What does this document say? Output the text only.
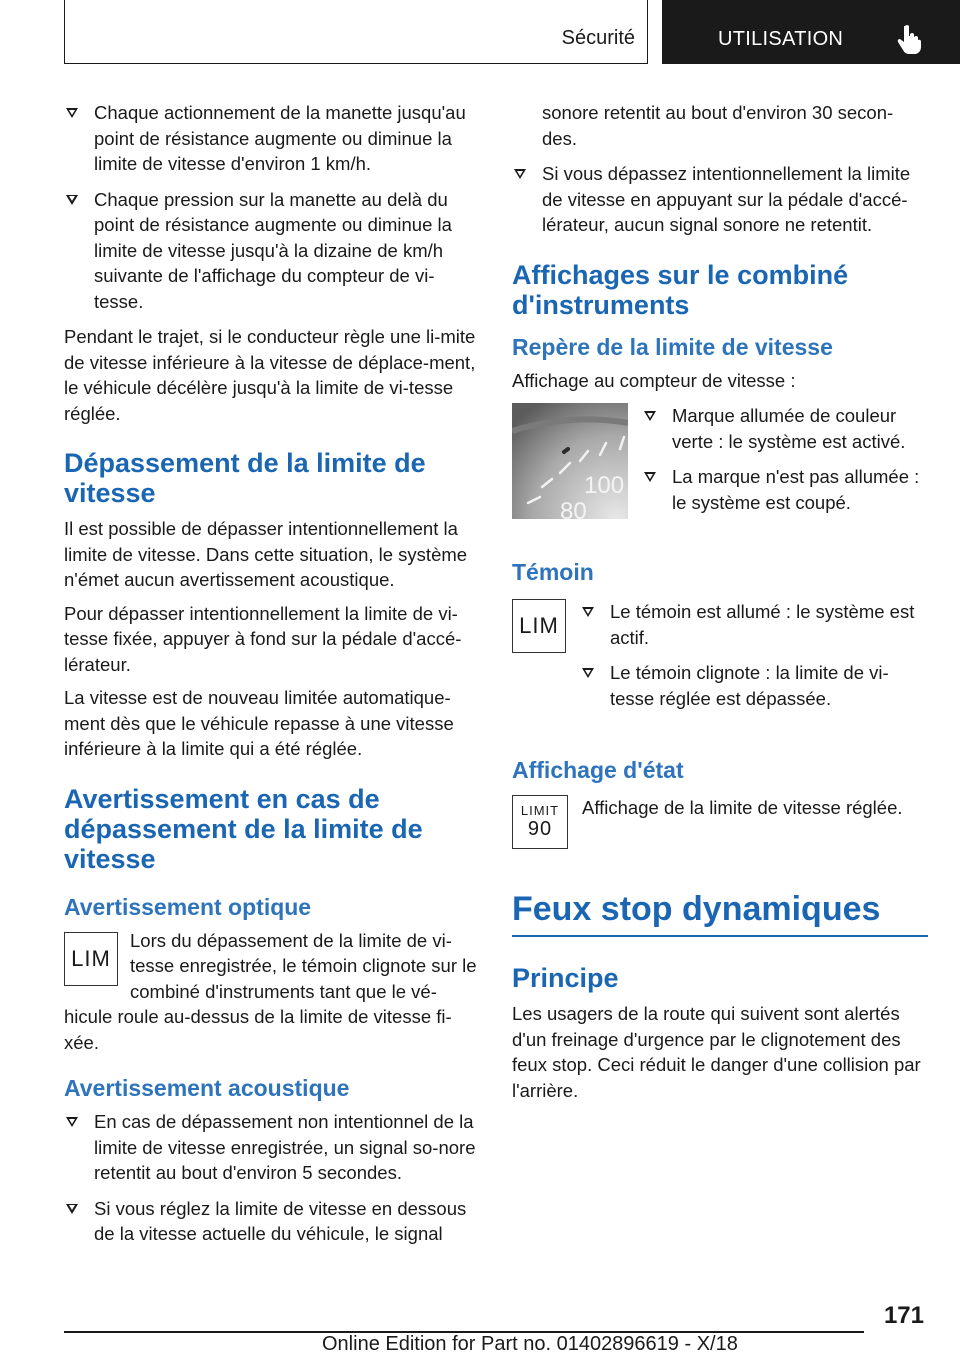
Sécurité	UTILISATION
Chaque actionnement de la manette jusqu'au point de résistance augmente ou diminue la limite de vitesse d'environ 1 km/h.
Chaque pression sur la manette au delà du point de résistance augmente ou diminue la limite de vitesse jusqu'à la dizaine de km/h suivante de l'affichage du compteur de vi-tesse.

Pendant le trajet, si le conducteur règle une li-mite de vitesse inférieure à la vitesse de déplace-ment, le véhicule décélère jusqu'à la limite de vi-tesse réglée.

Dépassement de la limite de vitesse

Il est possible de dépasser intentionnellement la limite de vitesse. Dans cette situation, le système n'émet aucun avertissement acoustique.

Pour dépasser intentionnellement la limite de vi-tesse fixée, appuyer à fond sur la pédale d'accé-lérateur.

La vitesse est de nouveau limitée automatique-ment dès que le véhicule repasse à une vitesse inférieure à la limite qui a été réglée.

Avertissement en cas de dépassement de la limite de vitesse
Avertissement optique
LIM

Lors du dépassement de la limite de vi-tesse enregistrée, le témoin clignote sur le combiné d'instruments tant que le vé-hicule roule au-dessus de la limite de vitesse fi-xée.

Avertissement acoustique
En cas de dépassement non intentionnel de la limite de vitesse enregistrée, un signal so-nore retentit au bout d'environ 5 secondes.
Si vous réglez la limite de vitesse en dessous de la vitesse actuelle du véhicule, le signal
sonore retentit au bout d'environ 30 secon-des.
Si vous dépassez intentionnellement la limite de vitesse en appuyant sur la pédale d'accé-lérateur, aucun signal sonore ne retentit.
Affichages sur le combiné d'instruments
Repère de la limite de vitesse

Affichage au compteur de vitesse :

100
80
Marque allumée de couleur verte : le système est activé.
La marque n'est pas allumée : le système est coupé.
Témoin
LIM
Le témoin est allumé : le système est actif.
Le témoin clignote : la limite de vi-tesse réglée est dépassée.
Affichage d'état
LIMIT
90

Affichage de la limite de vitesse réglée.

Feux stop dynamiques
Principe

Les usagers de la route qui suivent sont alertés d'un freinage d'urgence par le clignotement des feux stop. Ceci réduit le danger d'une collision par l'arrière.

171
Online Edition for Part no. 01402896619 - X/18
